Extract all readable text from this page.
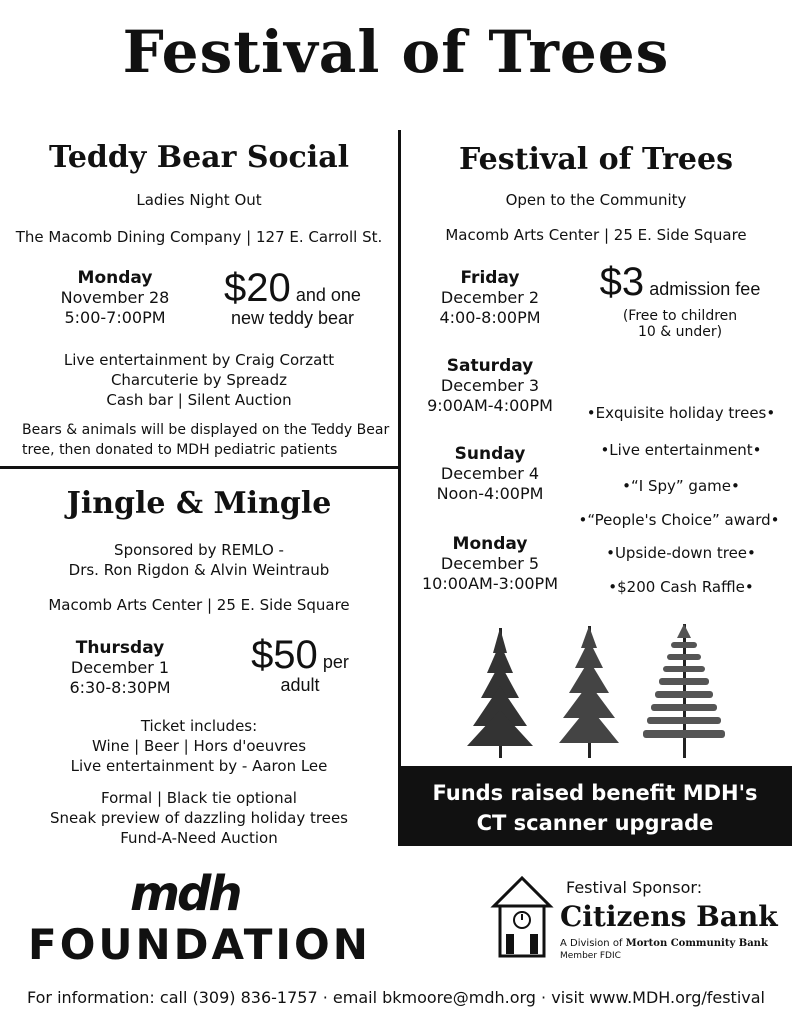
Festival of Trees
Teddy Bear Social
Ladies Night Out
The Macomb Dining Company | 127 E. Carroll St.
Monday
November 28
5:00-7:00PM
$20 and one
new teddy bear
Live entertainment by Craig Corzatt
Charcuterie by Spreadz
Cash bar | Silent Auction
Bears & animals will be displayed on the Teddy Bear
tree, then donated to MDH pediatric patients
Jingle & Mingle
Sponsored by REMLO -
Drs. Ron Rigdon & Alvin Weintraub
Macomb Arts Center | 25 E. Side Square
Thursday
December 1
6:30-8:30PM
$50 per
adult
Ticket includes:
Wine | Beer | Hors d'oeuvres
Live entertainment by - Aaron Lee
Formal | Black tie optional
Sneak preview of dazzling holiday trees
Fund-A-Need Auction
Festival of Trees
Open to the Community
Macomb Arts Center | 25 E. Side Square
Friday
December 2
4:00-8:00PM
Saturday
December 3
9:00AM-4:00PM
Sunday
December 4
Noon-4:00PM
Monday
December 5
10:00AM-3:00PM
$3 admission fee
(Free to children
10 & under)
•Exquisite holiday trees•
•Live entertainment•
•“I Spy” game•
•“People's Choice” award•
•Upside-down tree•
•$200 Cash Raffle•
Funds raised benefit MDH's
CT scanner upgrade
mdh
FOUNDATION
Festival Sponsor:
Citizens Bank
A Division of Morton Community Bank
Member FDIC
For information: call (309) 836-1757 · email bkmoore@mdh.org · visit www.MDH.org/festival
